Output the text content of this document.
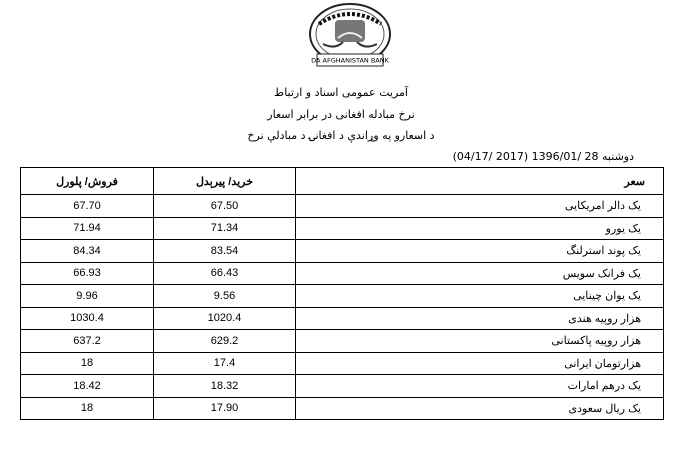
DA AFGHANISTAN BANK
آمریت عمومی اسناد و ارتباط
نرخ مبادله افغانی در برابر اسعار
د اسعارو په وړاندې د افغانۍ د مبادلې نرخ
دوشنبه 28 /1396/01 (2017 /04/17)
فروش/ پلورل	خرید/ پیرېدل	سعر
67.70	67.50	یک دالر امریکایی
71.94	71.34	یک یورو
84.34	83.54	یک پوند استرلنگ
66.93	66.43	یک فرانک سویس
9.96	9.56	یک یوان چینایی
1030.4	1020.4	هزار روپیه هندی
637.2	629.2	هزار روپیه پاکستانی
18	17.4	هزارتومان ایرانی
18.42	18.32	یک درهم امارات
18	17.90	یک ریال سعودی
